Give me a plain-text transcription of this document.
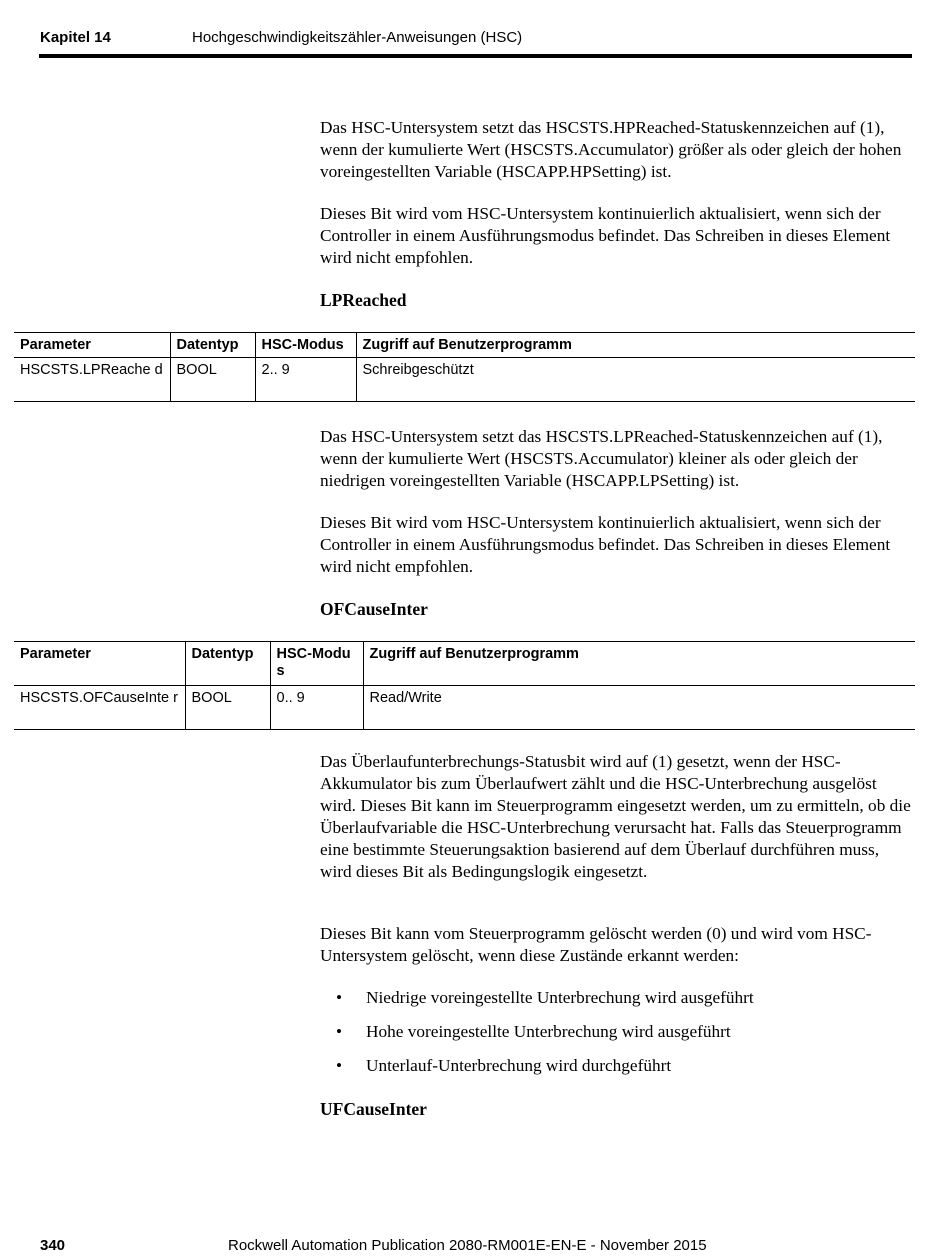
Kapitel 14	Hochgeschwindigkeitszähler-Anweisungen (HSC)

Das HSC-Untersystem setzt das HSCSTS.HPReached-Statuskennzeichen auf (1), wenn der kumulierte Wert (HSCSTS.Accumulator) größer als oder gleich der hohen voreingestellten Variable (HSCAPP.HPSetting) ist.

Dieses Bit wird vom HSC-Untersystem kontinuierlich aktualisiert, wenn sich der Controller in einem Ausführungsmodus befindet. Das Schreiben in dieses Element wird nicht empfohlen.

LPReached
Parameter	Datentyp	HSC-Modus	Zugriff auf Benutzerprogramm
HSCSTS.LPReache d	BOOL	2.. 9	Schreibgeschützt

Das HSC-Untersystem setzt das HSCSTS.LPReached-Statuskennzeichen auf (1), wenn der kumulierte Wert (HSCSTS.Accumulator) kleiner als oder gleich der niedrigen voreingestellten Variable (HSCAPP.LPSetting) ist.

Dieses Bit wird vom HSC-Untersystem kontinuierlich aktualisiert, wenn sich der Controller in einem Ausführungsmodus befindet. Das Schreiben in dieses Element wird nicht empfohlen.

OFCauseInter
Parameter	Datentyp	HSC-Modu s	Zugriff auf Benutzerprogramm
HSCSTS.OFCauseInte r	BOOL	0.. 9	Read/Write

Das Überlaufunterbrechungs-Statusbit wird auf (1) gesetzt, wenn der HSC-Akkumulator bis zum Überlaufwert zählt und die HSC-Unterbrechung ausgelöst wird. Dieses Bit kann im Steuerprogramm eingesetzt werden, um zu ermitteln, ob die Überlaufvariable die HSC-Unterbrechung verursacht hat. Falls das Steuerprogramm eine bestimmte Steuerungsaktion basierend auf dem Überlauf durchführen muss, wird dieses Bit als Bedingungslogik eingesetzt.

Dieses Bit kann vom Steuerprogramm gelöscht werden (0) und wird vom HSC-Untersystem gelöscht, wenn diese Zustände erkannt werden:

• Niedrige voreingestellte Unterbrechung wird ausgeführt
• Hohe voreingestellte Unterbrechung wird ausgeführt
• Unterlauf-Unterbrechung wird durchgeführt
UFCauseInter
340	Rockwell Automation Publication 2080-RM001E-EN-E - November 2015
